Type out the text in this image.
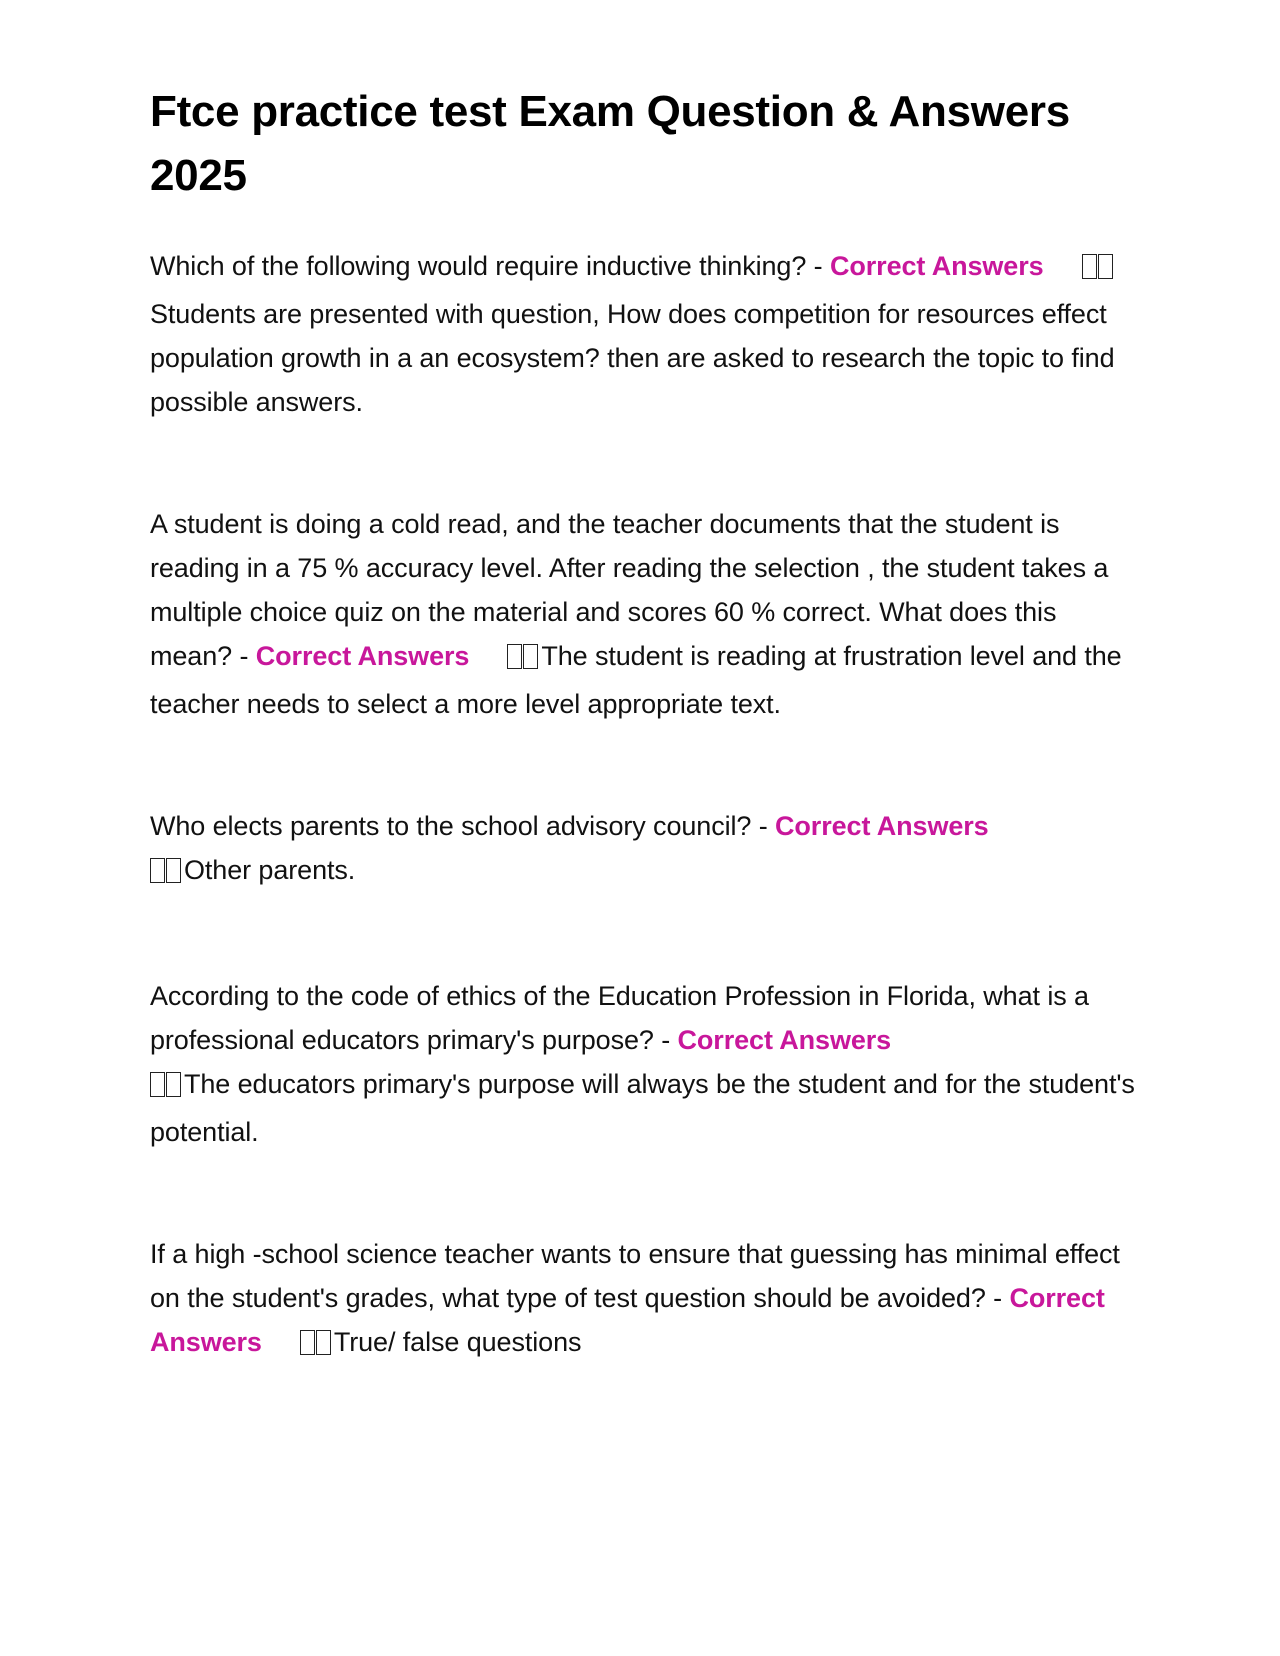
Ftce practice test Exam Question & Answers 2025

Which of the following would require inductive thinking? - Correct AnswersStudents are presented with question, How does competition for resources effect population growth in a an ecosystem? then are asked to research the topic to find possible answers.

A student is doing a cold read, and the teacher documents that the student is reading in a 75 % accuracy level. After reading the selection , the student takes a multiple choice quiz on the material and scores 60 % correct. What does this mean? - Correct Answers	The student is reading at frustration level and the teacher needs to select a more level appropriate text.

Who elects parents to the school advisory council? - Correct Answers
Other parents.

According to the code of ethics of the Education Profession in Florida, what is a professional educators primary's purpose? - Correct Answers
The educators primary's purpose will always be the student and for the student's potential.

If a high -school science teacher wants to ensure that guessing has minimal effect on the student's grades, what type of test question should be avoided? - Correct Answers	True/ false questions
